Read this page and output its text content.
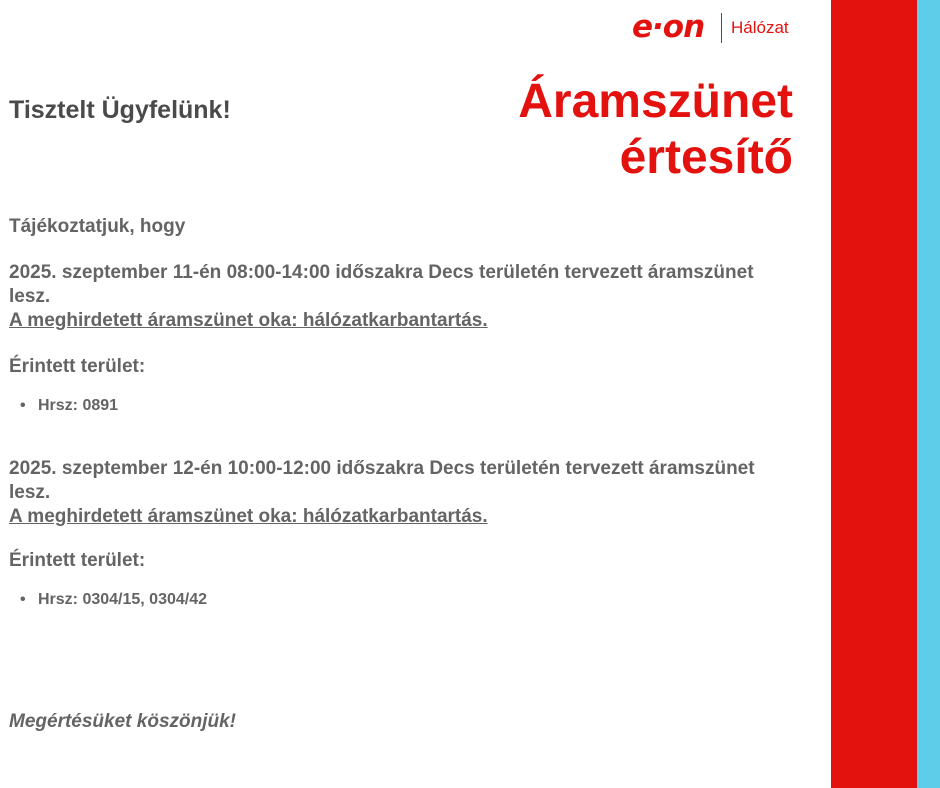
e·on Hálózat
Áramszünet
értesítő
Tisztelt Ügyfelünk!
Tájékoztatjuk, hogy
2025. szeptember 11-én 08:00-14:00 időszakra Decs területén tervezett áramszünet lesz.
A meghirdetett áramszünet oka: hálózatkarbantartás.
Érintett terület:
• Hrsz: 0891
2025. szeptember 12-én 10:00-12:00 időszakra Decs területén tervezett áramszünet lesz.
A meghirdetett áramszünet oka: hálózatkarbantartás.
Érintett terület:
• Hrsz: 0304/15, 0304/42
Megértésüket köszönjük!
